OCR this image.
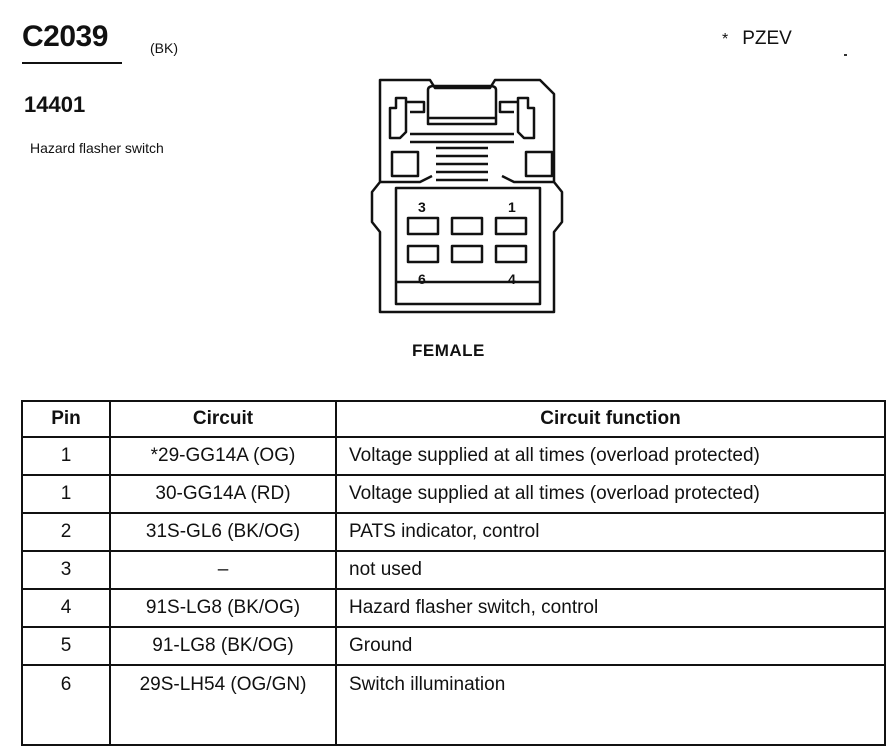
C2039	(BK)
14401
Hazard flasher switch
* PZEV
3	1
6	4
FEMALE
Pin	Circuit	Circuit function
1	*29-GG14A (OG)	Voltage supplied at all times (overload protected)
1	30-GG14A (RD)	Voltage supplied at all times (overload protected)
2	31S-GL6 (BK/OG)	PATS indicator, control
3	–	not used
4	91S-LG8 (BK/OG)	Hazard flasher switch, control
5	91-LG8 (BK/OG)	Ground
6	29S-LH54 (OG/GN)	Switch illumination
